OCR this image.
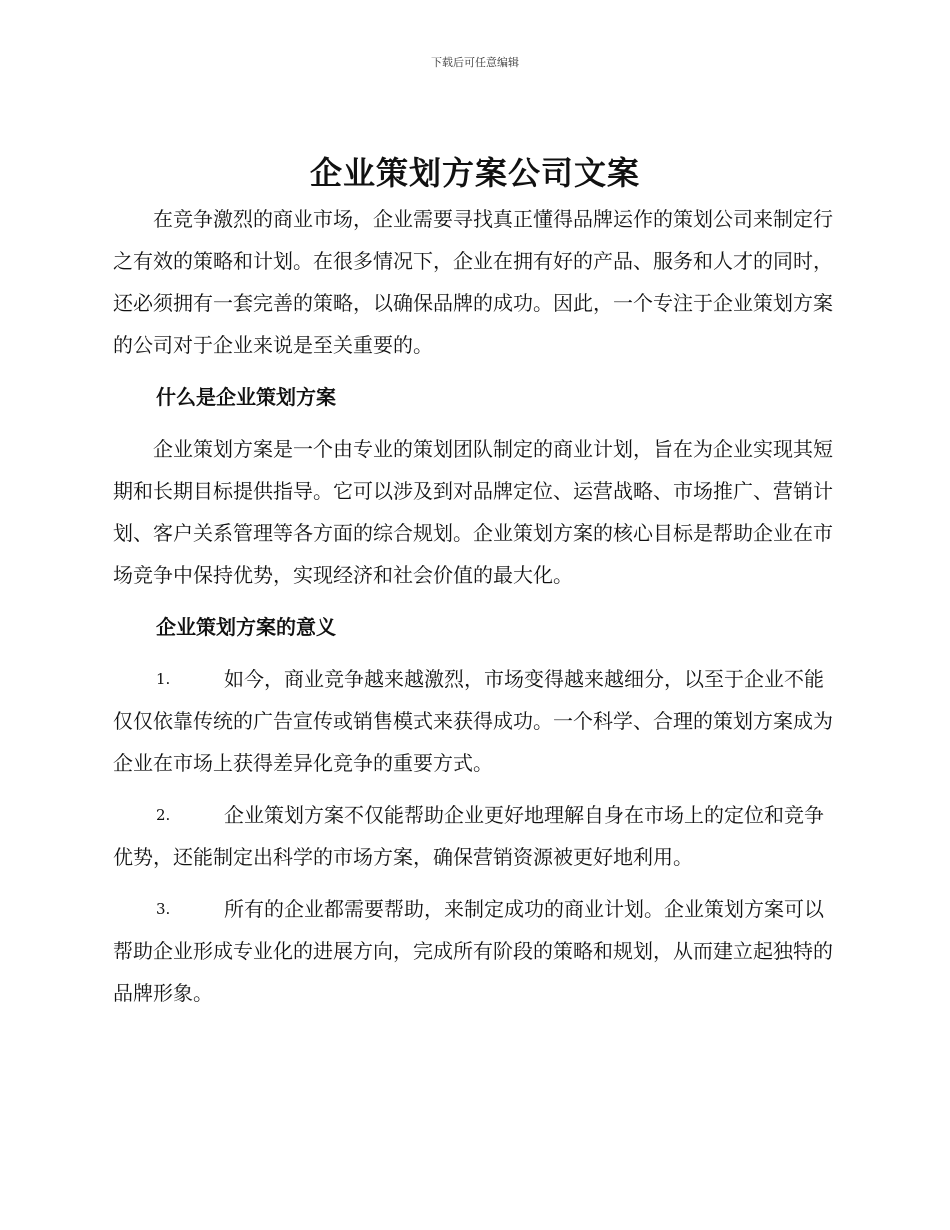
下载后可任意编辑
企业策划方案公司文案

在竞争激烈的商业市场，企业需要寻找真正懂得品牌运作的策划公司来制定行之有效的策略和计划。在很多情况下，企业在拥有好的产品、服务和人才的同时，还必须拥有一套完善的策略，以确保品牌的成功。因此，一个专注于企业策划方案的公司对于企业来说是至关重要的。

什么是企业策划方案

企业策划方案是一个由专业的策划团队制定的商业计划，旨在为企业实现其短期和长期目标提供指导。它可以涉及到对品牌定位、运营战略、市场推广、营销计划、客户关系管理等各方面的综合规划。企业策划方案的核心目标是帮助企业在市场竞争中保持优势，实现经济和社会价值的最大化。

企业策划方案的意义

1.	如今，商业竞争越来越激烈，市场变得越来越细分，以至于企业不能仅仅依靠传统的广告宣传或销售模式来获得成功。一个科学、合理的策划方案成为企业在市场上获得差异化竞争的重要方式。

2.	企业策划方案不仅能帮助企业更好地理解自身在市场上的定位和竞争优势，还能制定出科学的市场方案，确保营销资源被更好地利用。

3.	所有的企业都需要帮助，来制定成功的商业计划。企业策划方案可以帮助企业形成专业化的进展方向，完成所有阶段的策略和规划，从而建立起独特的品牌形象。
